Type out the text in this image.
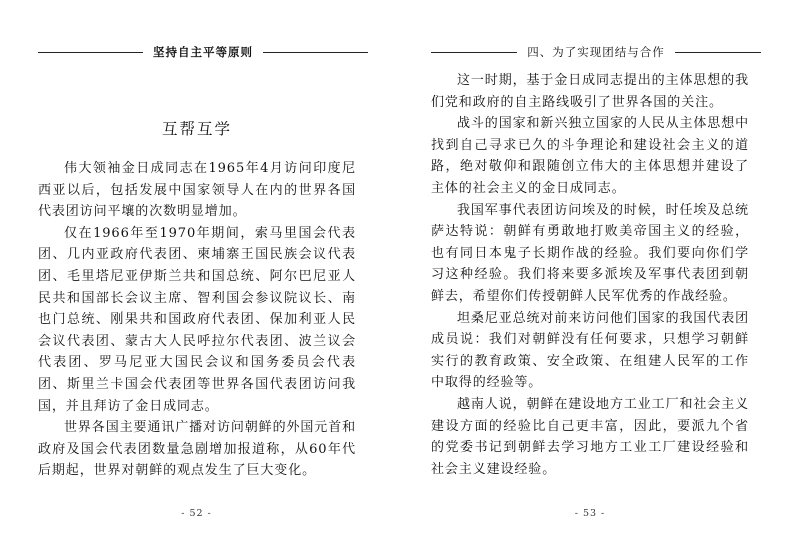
坚持自主平等原则
互帮互学

伟大领袖金日成同志在1965年4月访问印度尼西亚以后，包括发展中国家领导人在内的世界各国代表团访问平壤的次数明显增加。

仅在1966年至1970年期间，索马里国会代表团、几内亚政府代表团、柬埔寨王国民族会议代表团、毛里塔尼亚伊斯兰共和国总统、阿尔巴尼亚人民共和国部长会议主席、智利国会参议院议长、南也门总统、刚果共和国政府代表团、保加利亚人民会议代表团、蒙古大人民呼拉尔代表团、波兰议会代表团、罗马尼亚大国民会议和国务委员会代表团、斯里兰卡国会代表团等世界各国代表团访问我国，并且拜访了金日成同志。

世界各国主要通讯广播对访问朝鲜的外国元首和政府及国会代表团数量急剧增加报道称，从60年代后期起，世界对朝鲜的观点发生了巨大变化。

- 52 -
四、为了实现团结与合作

这一时期，基于金日成同志提出的主体思想的我们党和政府的自主路线吸引了世界各国的关注。

战斗的国家和新兴独立国家的人民从主体思想中找到自己寻求已久的斗争理论和建设社会主义的道路，绝对敬仰和跟随创立伟大的主体思想并建设了主体的社会主义的金日成同志。

我国军事代表团访问埃及的时候，时任埃及总统萨达特说：朝鲜有勇敢地打败美帝国主义的经验，也有同日本鬼子长期作战的经验。我们要向你们学习这种经验。我们将来要多派埃及军事代表团到朝鲜去，希望你们传授朝鲜人民军优秀的作战经验。

坦桑尼亚总统对前来访问他们国家的我国代表团成员说：我们对朝鲜没有任何要求，只想学习朝鲜实行的教育政策、安全政策、在组建人民军的工作中取得的经验等。

越南人说，朝鲜在建设地方工业工厂和社会主义建设方面的经验比自己更丰富，因此，要派九个省的党委书记到朝鲜去学习地方工业工厂建设经验和社会主义建设经验。

- 53 -
